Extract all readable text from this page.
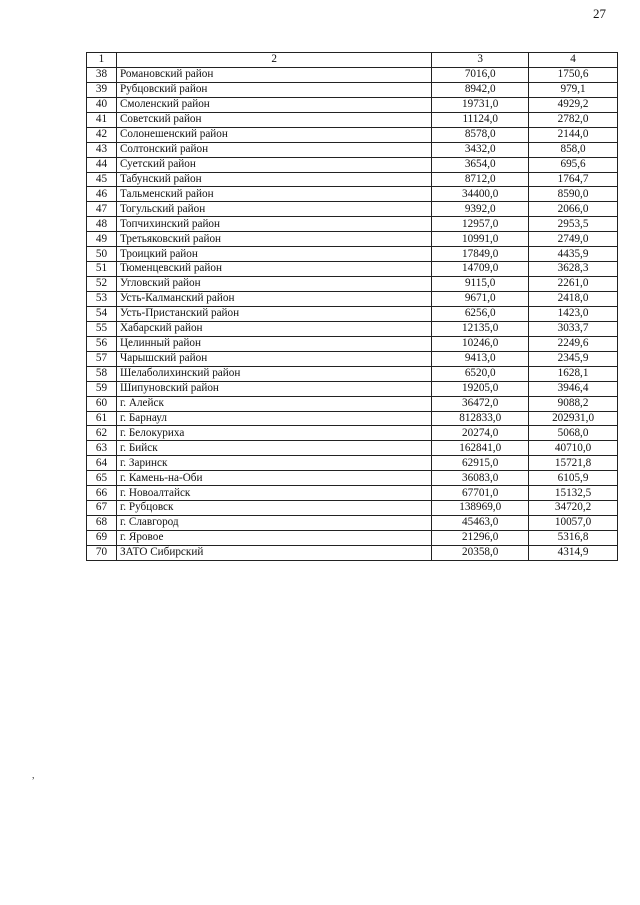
27
1	2	3	4
38	Романовский район	7016,0	1750,6
39	Рубцовский район	8942,0	979,1
40	Смоленский район	19731,0	4929,2
41	Советский район	11124,0	2782,0
42	Солонешенский район	8578,0	2144,0
43	Солтонский район	3432,0	858,0
44	Суетский район	3654,0	695,6
45	Табунский район	8712,0	1764,7
46	Тальменский район	34400,0	8590,0
47	Тогульский район	9392,0	2066,0
48	Топчихинский район	12957,0	2953,5
49	Третьяковский район	10991,0	2749,0
50	Троицкий район	17849,0	4435,9
51	Тюменцевский район	14709,0	3628,3
52	Угловский район	9115,0	2261,0
53	Усть-Калманский район	9671,0	2418,0
54	Усть-Пристанский район	6256,0	1423,0
55	Хабарский район	12135,0	3033,7
56	Целинный район	10246,0	2249,6
57	Чарышский район	9413,0	2345,9
58	Шелаболихинский район	6520,0	1628,1
59	Шипуновский район	19205,0	3946,4
60	г. Алейск	36472,0	9088,2
61	г. Барнаул	812833,0	202931,0
62	г. Белокуриха	20274,0	5068,0
63	г. Бийск	162841,0	40710,0
64	г. Заринск	62915,0	15721,8
65	г. Камень-на-Оби	36083,0	6105,9
66	г. Новоалтайск	67701,0	15132,5
67	г. Рубцовск	138969,0	34720,2
68	г. Славгород	45463,0	10057,0
69	г. Яровое	21296,0	5316,8
70	ЗАТО Сибирский	20358,0	4314,9
,
